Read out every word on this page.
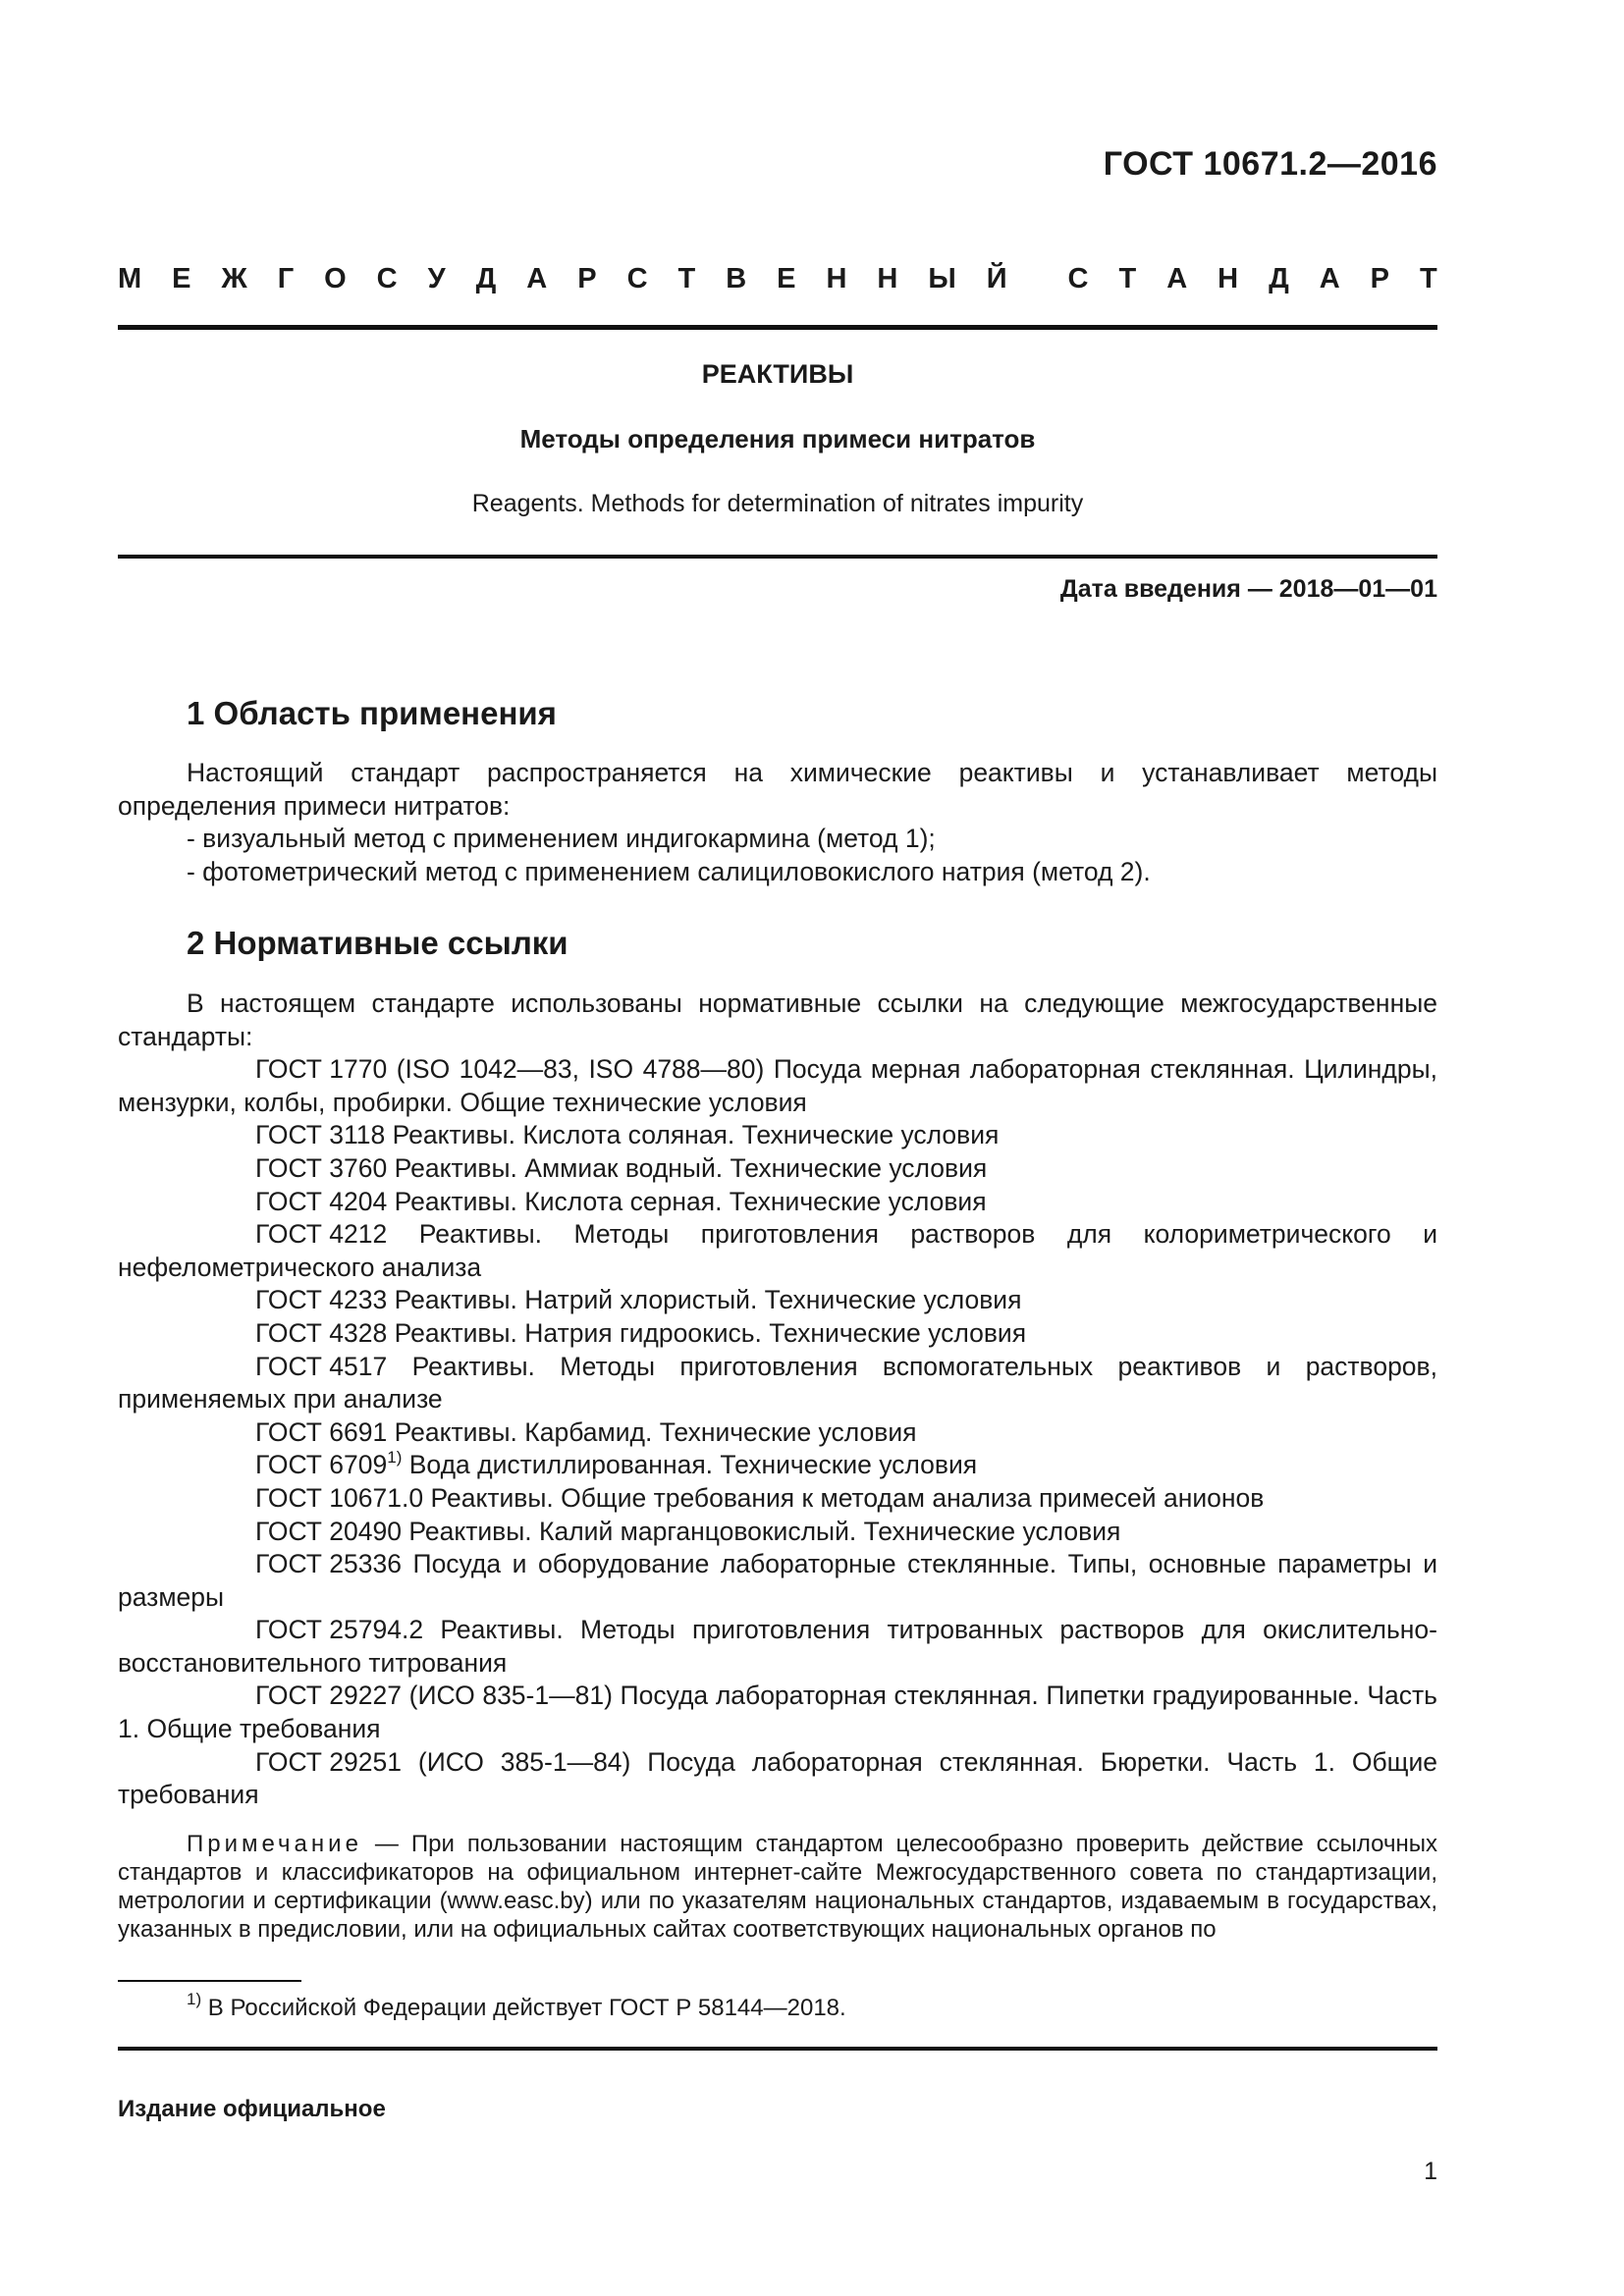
ГОСТ 10671.2—2016
М Е Ж Г О С У Д А Р С Т В Е Н Н Ы Й С Т А Н Д А Р Т
РЕАКТИВЫ
Методы определения примеси нитратов
Reagents. Methods for determination of nitrates impurity
Дата введения — 2018—01—01
1 Область применения

Настоящий стандарт распространяется на химические реактивы и устанавливает методы определения примеси нитратов:

- визуальный метод с применением индигокармина (метод 1);

- фотометрический метод с применением салициловокислого натрия (метод 2).

2 Нормативные ссылки

В настоящем стандарте использованы нормативные ссылки на следующие межгосударственные стандарты:

ГОСТ 1770 (ISO 1042—83, ISO 4788—80) Посуда мерная лабораторная стеклянная. Цилиндры, мензурки, колбы, пробирки. Общие технические условия

ГОСТ 3118 Реактивы. Кислота соляная. Технические условия

ГОСТ 3760 Реактивы. Аммиак водный. Технические условия

ГОСТ 4204 Реактивы. Кислота серная. Технические условия

ГОСТ 4212 Реактивы. Методы приготовления растворов для колориметрического и нефелометрического анализа

ГОСТ 4233 Реактивы. Натрий хлористый. Технические условия

ГОСТ 4328 Реактивы. Натрия гидроокись. Технические условия

ГОСТ 4517 Реактивы. Методы приготовления вспомогательных реактивов и растворов, применяемых при анализе

ГОСТ 6691 Реактивы. Карбамид. Технические условия

ГОСТ 6709$^{1)}$ Вода дистиллированная. Технические условия

ГОСТ 10671.0 Реактивы. Общие требования к методам анализа примесей анионов

ГОСТ 20490 Реактивы. Калий марганцовокислый. Технические условия

ГОСТ 25336 Посуда и оборудование лабораторные стеклянные. Типы, основные параметры и размеры

ГОСТ 25794.2 Реактивы. Методы приготовления титрованных растворов для окислительно-восстановительного титрования

ГОСТ 29227 (ИСО 835-1—81) Посуда лабораторная стеклянная. Пипетки градуированные. Часть 1. Общие требования

ГОСТ 29251 (ИСО 385-1—84) Посуда лабораторная стеклянная. Бюретки. Часть 1. Общие требования

Примечание — При пользовании настоящим стандартом целесообразно проверить действие ссылочных стандартов и классификаторов на официальном интернет-сайте Межгосударственного совета по стандартизации, метрологии и сертификации (www.easc.by) или по указателям национальных стандартов, издаваемым в государствах, указанных в предисловии, или на официальных сайтах соответствующих национальных органов по

$^{1)}$ В Российской Федерации действует ГОСТ Р 58144—2018.
Издание официальное
1
